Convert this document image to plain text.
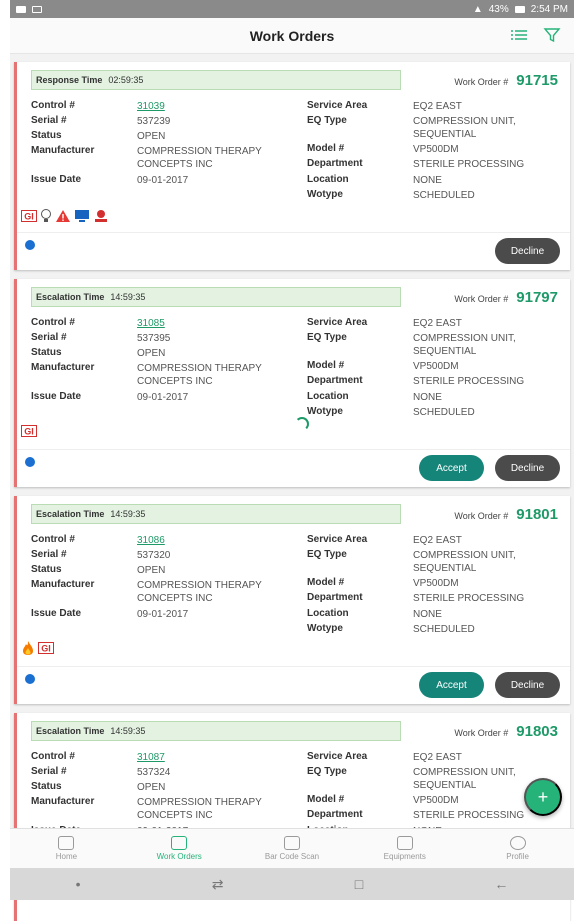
▲ 43% 2:54 PM
Work Orders
Response Time 02:59:35	Work Order # 91715
Control #	31039
Serial #	537239
Status	OPEN
Manufacturer	COMPRESSION THERAPY CONCEPTS INC
Issue Date	09-01-2017
Service Area	EQ2 EAST
EQ Type	COMPRESSION UNIT, SEQUENTIAL
Model #	VP500DM
Department	STERILE PROCESSING
Location	NONE
Wotype	SCHEDULED
GI
Decline
Escalation Time 14:59:35	Work Order # 91797
Control #	31085
Serial #	537395
Status	OPEN
Manufacturer	COMPRESSION THERAPY CONCEPTS INC
Issue Date	09-01-2017
Service Area	EQ2 EAST
EQ Type	COMPRESSION UNIT, SEQUENTIAL
Model #	VP500DM
Department	STERILE PROCESSING
Location	NONE
Wotype	SCHEDULED
GI
Accept	Decline
Escalation Time 14:59:35	Work Order # 91801
Control #	31086
Serial #	537320
Status	OPEN
Manufacturer	COMPRESSION THERAPY CONCEPTS INC
Issue Date	09-01-2017
Service Area	EQ2 EAST
EQ Type	COMPRESSION UNIT, SEQUENTIAL
Model #	VP500DM
Department	STERILE PROCESSING
Location	NONE
Wotype	SCHEDULED
GI
Accept	Decline
Escalation Time 14:59:35	Work Order # 91803
Control #	31087
Serial #	537324
Status	OPEN
Manufacturer	COMPRESSION THERAPY CONCEPTS INC
Service Area	EQ2 EAST
EQ Type	COMPRESSION UNIT, SEQUENTIAL
Model #	VP500DM
Department	STERILE PROCESSING
+
Home	Work Orders	Bar Code Scan	Equipments	Profile
•	⇄	□	←
